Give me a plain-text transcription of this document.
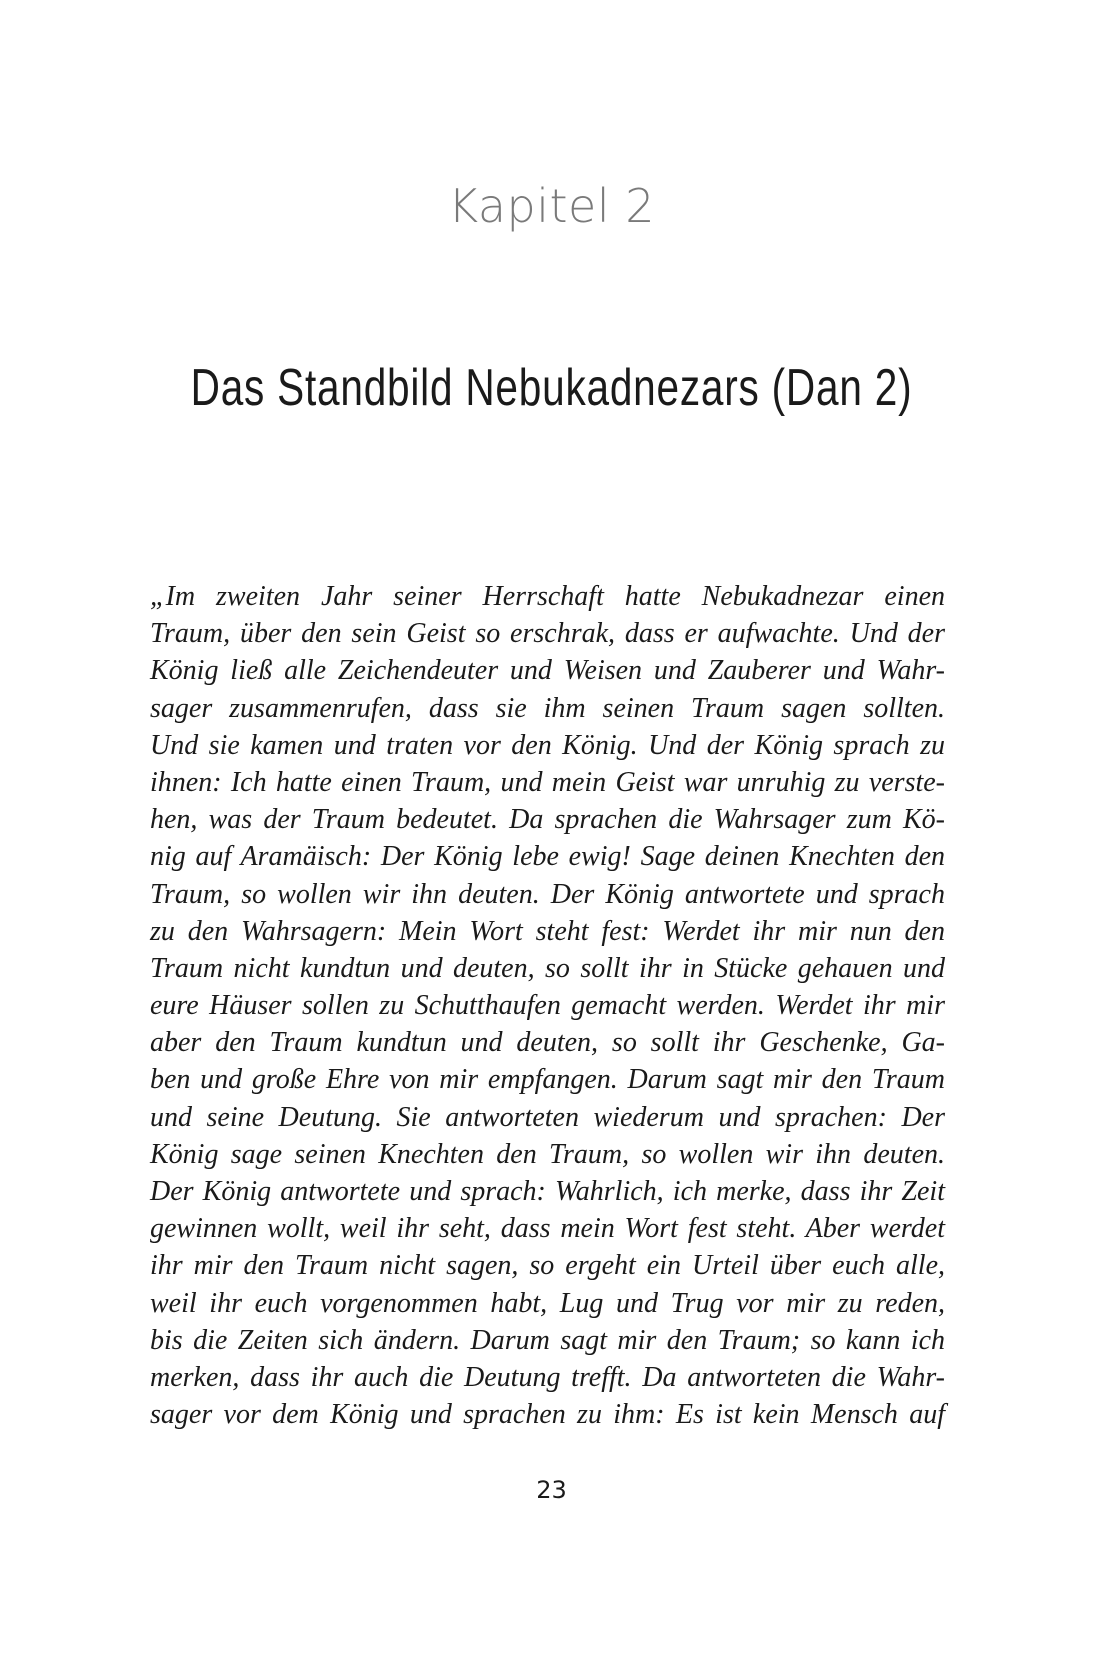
Kapitel 2
Das Standbild Nebukadnezars (Dan 2)
„Im zweiten Jahr seiner Herrschaft hatte Nebukadnezar einen
Traum, über den sein Geist so erschrak, dass er aufwachte. Und der
König ließ alle Zeichendeuter und Weisen und Zauberer und Wahr-
sager zusammenrufen, dass sie ihm seinen Traum sagen sollten.
Und sie kamen und traten vor den König. Und der König sprach zu
ihnen: Ich hatte einen Traum, und mein Geist war unruhig zu verste-
hen, was der Traum bedeutet. Da sprachen die Wahrsager zum Kö-
nig auf Aramäisch: Der König lebe ewig! Sage deinen Knechten den
Traum, so wollen wir ihn deuten. Der König antwortete und sprach
zu den Wahrsagern: Mein Wort steht fest: Werdet ihr mir nun den
Traum nicht kundtun und deuten, so sollt ihr in Stücke gehauen und
eure Häuser sollen zu Schutthaufen gemacht werden. Werdet ihr mir
aber den Traum kundtun und deuten, so sollt ihr Geschenke, Ga-
ben und große Ehre von mir empfangen. Darum sagt mir den Traum
und seine Deutung. Sie antworteten wiederum und sprachen: Der
König sage seinen Knechten den Traum, so wollen wir ihn deuten.
Der König antwortete und sprach: Wahrlich, ich merke, dass ihr Zeit
gewinnen wollt, weil ihr seht, dass mein Wort fest steht. Aber werdet
ihr mir den Traum nicht sagen, so ergeht ein Urteil über euch alle,
weil ihr euch vorgenommen habt, Lug und Trug vor mir zu reden,
bis die Zeiten sich ändern. Darum sagt mir den Traum; so kann ich
merken, dass ihr auch die Deutung trefft. Da antworteten die Wahr-
sager vor dem König und sprachen zu ihm: Es ist kein Mensch auf
23
